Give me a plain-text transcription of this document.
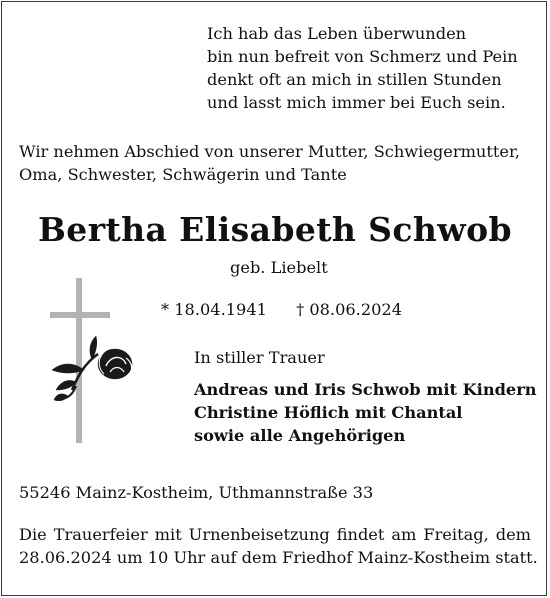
Ich hab das Leben überwunden
bin nun befreit von Schmerz und Pein
denkt oft an mich in stillen Stunden
und lasst mich immer bei Euch sein.
Wir nehmen Abschied von unserer Mutter, Schwiegermutter,
Oma, Schwester, Schwägerin und Tante
Bertha Elisabeth Schwob
geb. Liebelt
* 18.04.1941 † 08.06.2024
In stiller Trauer
Andreas und Iris Schwob mit Kindern
Christine Höflich mit Chantal
sowie alle Angehörigen
55246 Mainz-Kostheim, Uthmannstraße 33
Die Trauerfeier mit Urnenbeisetzung findet am Freitag, dem
28.06.2024 um 10 Uhr auf dem Friedhof Mainz-Kostheim statt.
